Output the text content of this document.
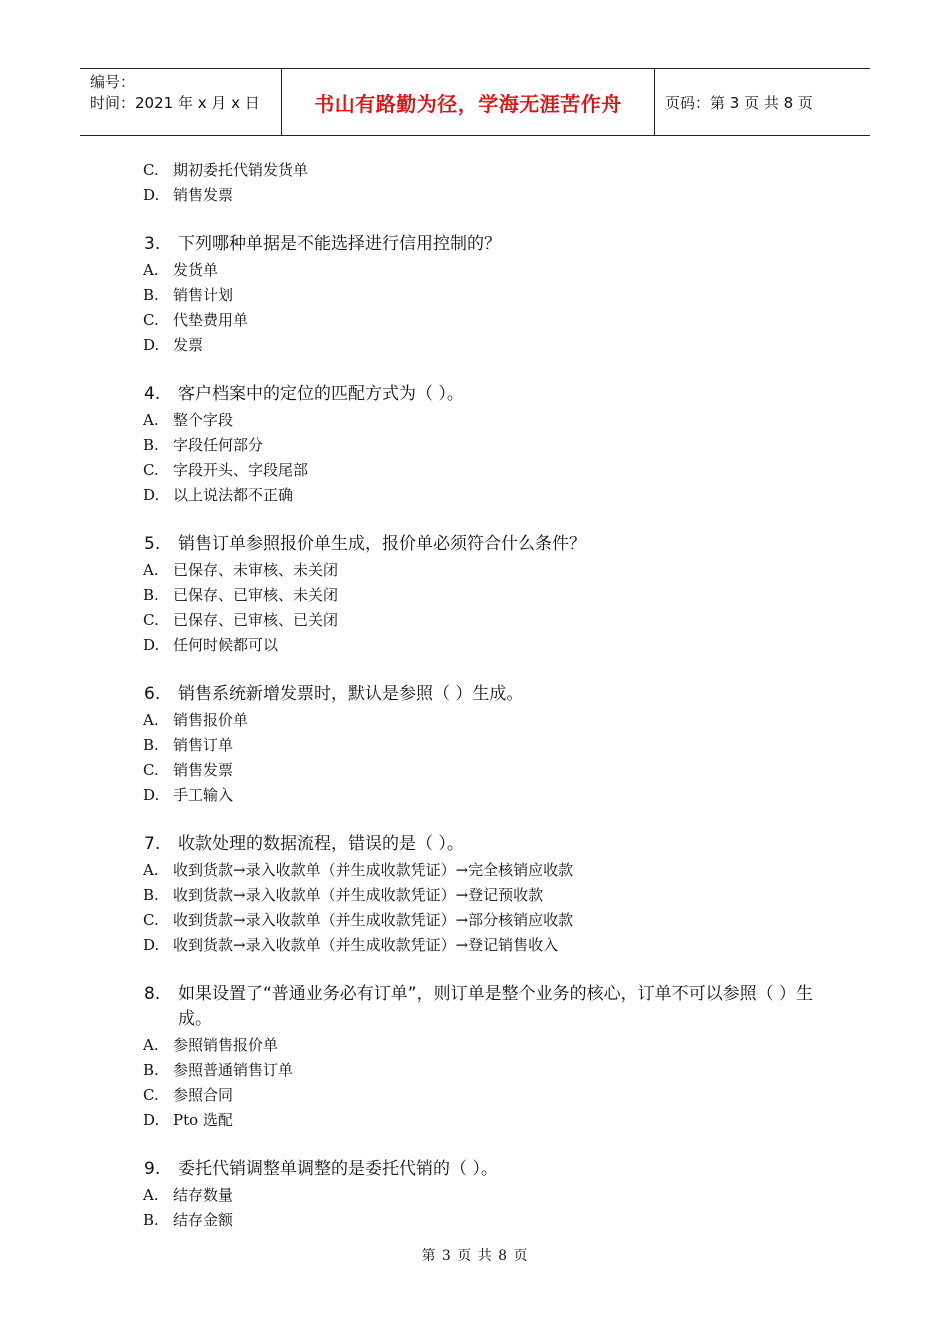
编号：
时间：2021 年 x 月 x 日	书山有路勤为径，学海无涯苦作舟	页码：第 3 页 共 8 页
C. 期初委托代销发货单
D. 销售发票
3. 下列哪种单据是不能选择进行信用控制的？
A. 发货单
B. 销售计划
C. 代垫费用单
D. 发票
4. 客户档案中的定位的匹配方式为（ ）。
A. 整个字段
B. 字段任何部分
C. 字段开头、字段尾部
D. 以上说法都不正确
5. 销售订单参照报价单生成，报价单必须符合什么条件？
A. 已保存、未审核、未关闭
B. 已保存、已审核、未关闭
C. 已保存、已审核、已关闭
D. 任何时候都可以
6. 销售系统新增发票时，默认是参照（ ）生成。
A. 销售报价单
B. 销售订单
C. 销售发票
D. 手工输入
7. 收款处理的数据流程，错误的是（ ）。
A. 收到货款→录入收款单（并生成收款凭证）→完全核销应收款
B. 收到货款→录入收款单（并生成收款凭证）→登记预收款
C. 收到货款→录入收款单（并生成收款凭证）→部分核销应收款
D. 收到货款→录入收款单（并生成收款凭证）→登记销售收入
8. 如果设置了“普通业务必有订单”，则订单是整个业务的核心，订单不可以参照（ ）生成。
A. 参照销售报价单
B. 参照普通销售订单
C. 参照合同
D. Pto 选配
9. 委托代销调整单调整的是委托代销的（ ）。
A. 结存数量
B. 结存金额
第 3 页 共 8 页
